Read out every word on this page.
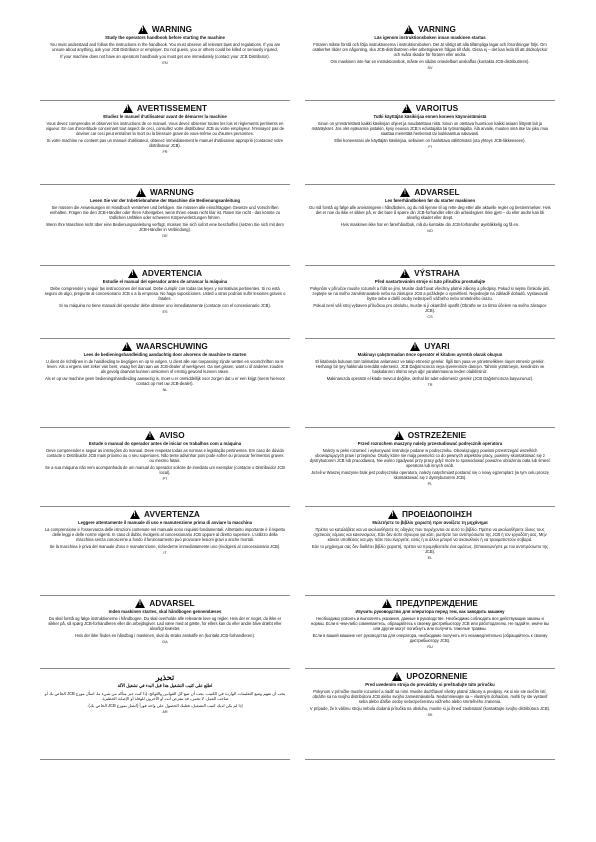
!
WARNING
Study the operators handbook before starting the machine

You must understand and follow the instructions in the handbook. You must observe all relevant laws and regulations. If you are unsure about anything, ask your JCB Distributor or employer. Do not guess, you or others could be killed or seriously injured.

If your machine does not have an operators handbook you must get one immediately (contact your JCB Distributor).

EN
!
AVERTISSEMENT
Etudiez le manuel d'utilisateur avant de démarrer la machine

Vous devez comprendre et observer les instructions de ce manuel. Vous devez observer toutes les lois et règlements pertinents en vigueur. En cas d'incertitude concernant tout aspect de ceci, consultez votre distributeur JCB ou votre employeur. N'essayez pas de deviner car ceci peut entraîner la mort ou la blessure grave de vous-même ou d'autres personnes.

Si votre machine ne contient pas un manuel d'utilisateur, obtenez immédiatement le manuel d'utilisateur approprié (contactez votre distributeur JCB).

FR
!
WARNUNG
Lesen Sie vor der Inbetriebnahme der Maschine die Bedienungsanleitung

Sie müssen die Anweisungen im Handbuch verstehen und befolgen. Sie müssen alle einschlägigen Gesetze und Vorschriften einhalten. Fragen Sie den JCB-Händler oder Ihren Arbeitgeber, wenn Ihnen etwas nicht klar ist. Raten Sie nicht - das könnte zu tödlichen Unfällen oder schweren Körperverletzungen führen.

Wenn Ihre Maschine nicht über eine Bedienungsanleitung verfügt, müssen Sie sich sofort eine beschaffen (setzen Sie sich mit dem JCB-Händler in Verbindung).

DE
!
ADVERTENCIA
Estudie el manual del operador antes de arrancar la máquina

Debe comprender y seguir las instrucciones del manual. Debe cumplir con todas las leyes y normativas pertinentes. Si no está seguro de algo, pregunte al concesionario JCB o a la empresa. No haga suposiciones. Usted u otras podrían sufrir lesiones graves o fatales.

Si su máquina no tiene manual del operador debe obtener uno inmediatamente (contacte con el concesionario JCB).

ES
!
WAARSCHUWING
Lees de bedieningshandleiding aandachtig door alvorens de machine te starten

U dient de richtlijnen in de handleiding te begrijpen en op te volgen. U dient alle van toepassing zijnde wetten en voorschriften na te leven. Als u ergens niet zeker van bent, vraag het dan aan uw JCB-dealer of werkgever. Ga niet gissen, want u of anderen zouden als gevolg daarvan kunnen omkomen of ernstig gewond kunnen raken.

Als er op uw machine geen bedieningshandleiding aanwezig is, moet u er onmiddellijk voor zorgen dat u er een krijgt (neem hiervoor contact op met uw JCB-dealer).

NL
!
AVISO
Estude o manual do operador antes de iniciar os trabalhos com a máquina

Deve compreender e seguir as instruções do manual. Deve respeitar todas as normas e legislação pertinentes. Em caso de dúvida contacte o Distribuidor JCB mais próximo ou o seu superiores. Não tente adivinhar pois pode sofrer ou provocar ferimentos graves ou mesmo fatais.

Se a sua máquina não vem acompanhada de um manual do operador solicite de imediato um exemplar (contacte o Distribuidor JCB local).

PT
!
AVVERTENZA
Leggere attentamente il manuale di uso e manutenzione prima di avviare la macchina

La comprensione e l'osservanza delle istruzioni contenute nel manuale sono requisiti fondamentali. Altrettanto importante è il rispetto delle leggi e delle norme vigenti. In caso di dubbi, rivolgersi al concessionario JCB oppure al diretto superiore. L'utilizzo della macchina senza conoscerne a fondo il funzionamento può provocare lesioni gravi o anche mortali.

Se la macchina è priva del manuale d'uso e manutenzione, richiederne immediatamente uno (rivolgersi al concessionario JCB).

IT
!
ADVARSEL
Inden maskinen startes, skal håndbogen gennemlæses

Du skal forstå og følge instruktionerne i håndbogen. Du skal overholde alle relevante love og regler. Hvis der er noget, du ikke er sikker på, så spørg JCB-forhandleren eller din arbejdsgiver. Lad være med at gætte, for ellers kan du eller andre blive dræbt eller alvorligt kvæstet.

Hvis der ikke findes en håndbog i maskinen, skal du straks anskaffe en (kontakt JCB-forhandleren).

DA
تحذير
اطلع على كتيب التشغيل هذا قبل البدء في تشغيل الآلة

يجب أن تفهم وتتبع التعليمات الواردة في الكتيب. يجب أن تتبع كل القوانين واللوائح. إذا كنت غير متأكد من شيء ما، اسأل موزع JCB الخاص بك أو صاحب العمل. لا تخمن، قد تتعرض أنت أو الآخرون للوفاة أو الإصابة الخطيرة.

إذا لم يكن لديك كتيب التشغيل، فعليك الحصول على واحد فوراً (اتصل بموزع JCB الخاص بك).

AR
!
VARNING
Läs igenom instruktionsboken innan maskinen startas

Föraren måste förstå och följa instruktionerna i instruktionsboken. Det är viktigt att alla tillämpliga lagar och förordningar följs. Om osäkerhet råder om någonting, ska JCB-distributören eller arbetsgivaren frågas till råds. Gissa ej – det kan leda till att dödsolyckor och svåra skador för föraren eller andra.

Om maskinen inte har en instruktionsbok, måste en sådan omedelbart anskaffas (kontakta JCB-distributören).

SV
!
VAROITUS
Tutki käyttäjän käsikirjaa ennen koneen käynnistämistä

Sinun on ymmärrettävä kaikki käsikirjan ohjeet ja noudatettava niitä. Sinun on otettava huomioon kaikki asiaan liittyvät lait ja määräykset. Jos olet epävarma jostakin, kysy neuvoa JCB:n edustajalta tai työnantajalta. Älä arvaile, muuten sinä itse tai joku muu saattaa menettää henkensä tai loukkaantua vakavasti.

Ellei koneessasi ole käyttäjän käsikirjaa, sellainen on hankittava välittömästi (ota yhteys JCB-liikkeeseen).

FI
!
ADVARSEL
Les førerhåndboken før du starter maskinen

Du må forstå og følge alle anvisningene i håndboken, og du må kjenne til og rette deg etter alle aktuelle regler og bestemmelser. Hvis det er noe du ikke er sikker på, er det bare å spørre din JCB-forhandler eller din arbeidsgiver. Ikke gjett – du eller andre kan bli alvorlig skadet eller drept.

Hvis maskinen ikke har en førerhåndbok, må du kontakte din JCB-forhandler øyeblikkelig og få en.

NO
!
VÝSTRAHA
Před nastartováním stroje si tuto příručku prostudujte

Pokynům v příručce musíte rozumět a řídit se jimi. Musíte dodržovat všechny platné zákony a předpisy. Pokud si nejste čímkoliv jisti, zeptejte se na svého zaměstnavatele nebo na zástupce JCB a požádejte o vysvětlení. Nejednejte na základě dohadů. Vystavovali byste sebe a další osoby nebezpečí vážného nebo smrtelného úrazu.

Pokud není váš stroj vybaven příručkou pro obsluhu, musíte si ji okamžitě opatřit (Obraťte se za tímto účelem na svého zástupce JCB).

CS
!
UYARI
Makinayı çalıştırmadan önce operatör el kitabını ayrıntılı olarak okuyun

El kitabında bulunan tüm talimatları anlamanız ve takip etmeniz gerekir. İlgili tüm yasa ve yönetmeliklere riayet etmeniz gerekir. Herhangi bir şey hakkında tereddüt ederseniz, JCB Dağıtımcınıza veya işvereninize danışın. Tahmin yürütmeyin, kendinizin ve başkalarının ölümü veya ağır yaralanmasına neden olabilirsiniz.

Makinanızda operatör el kitabı mevcut değilse, derhal bir adet edinmeniz gerekir (JCB Dağıtımcınıza başvurunuz).

TR
!
OSTRZEŻENIE
Przed rozruchem maszyny należy przestudiować podręcznik operatora

Należy w pełni rozumieć i wykonywać instrukcje podane w podręczniku. Obowiązujący powinni przestrzegać wszelkich obowiązujących praw i przepisów. Osoby które nie mają pewności co do pewnych aspektów pracy, powinny skontaktować się z dystrybutorem JCB lub pracodawcą. Nie wolno zgadywać przy pracy gdyż może to spowodować poważne obrażenia ciała lub śmierć operatora lub innych osób.

Jeżeli w Waszej maszynie brak jest podręcznika operatora, należy natychmiast postarać się o nowy egzemplarz (w tym celu proszę skontaktować się z dystrybutorem JCB).

PL
!
ΠΡΟΕΙΔΟΠΟΙΗΣΗ
Μελετήστε το βιβλίο χειριστή πριν ανοίξετε τη μηχάνημα

Πρέπει να καταλάβετε και να ακολουθήσετε τις οδηγίες που περιέχονται σε αυτό το βιβλίο. Πρέπει να ακολουθήσετε όλους τους σχετικούς νόμους και κανονισμούς. Εάν δεν είστε σίγουροι για κάτι, ρωτήστε τον αντιπρόσωπο της JCB ή τον εργοδότη σας. Μην κάνετε υποθέσεις και μην πάτε που ενεργείτε, εσείς ή οι άλλοι μπορεί να σκοτωθούν ή να τραυματιστούν σοβαρά.

Εάν το μηχάνημα σας δεν διαθέτει βιβλίο χειριστή, πρέπει να προμηθευτείτε ένα αμέσως. (Επικοινωνήστε με τον αντιπρόσωπο της JCB).

EL
!
ПРЕДУПРЕЖДЕНИЕ
Изучить руководство для оператора перед тем, как заводить машину

Необходимо усвоить и выполнять указания, данные в руководстве. Необходимо соблюдать все действующие законы и нормы. Если в чем-либо сомневаетесь, обращайтесь к своему дистрибьютору JCB или работодателю. Не гадайте, иначе вы или другие могут погибнуть или получить тяжелые травмы.

Если в вашей машине нет руководства для оператора, необходимо получить его незамедлительно (обращайтесь к своему дистрибьютору JCB).

RU
!
UPOZORNENIE
Pred uvedením stroja do prevádzky si preštudujte túto príručku

Pokynom v príručke musíte rozumieť a riadiť sa nimi. Musíte dodržiavať všetky platné zákony a predpisy. Ak si nie ste niečím istí, obráťte sa na svojho distribútora JCB alebo svojho zamestnávateľa. Nedomnievajte sa – vlastným dohadom, mohli by ste vystaviť seba alebo ďalšie osoby nebezpečenstvu vážneho alebo smrteľného zranenia.

V prípade, že k vášmu stroju nebola dodaná príručka na obsluhu, musíte si ju ihneď zaobstarať (kontaktujte svojho distribútora JCB).

SK
